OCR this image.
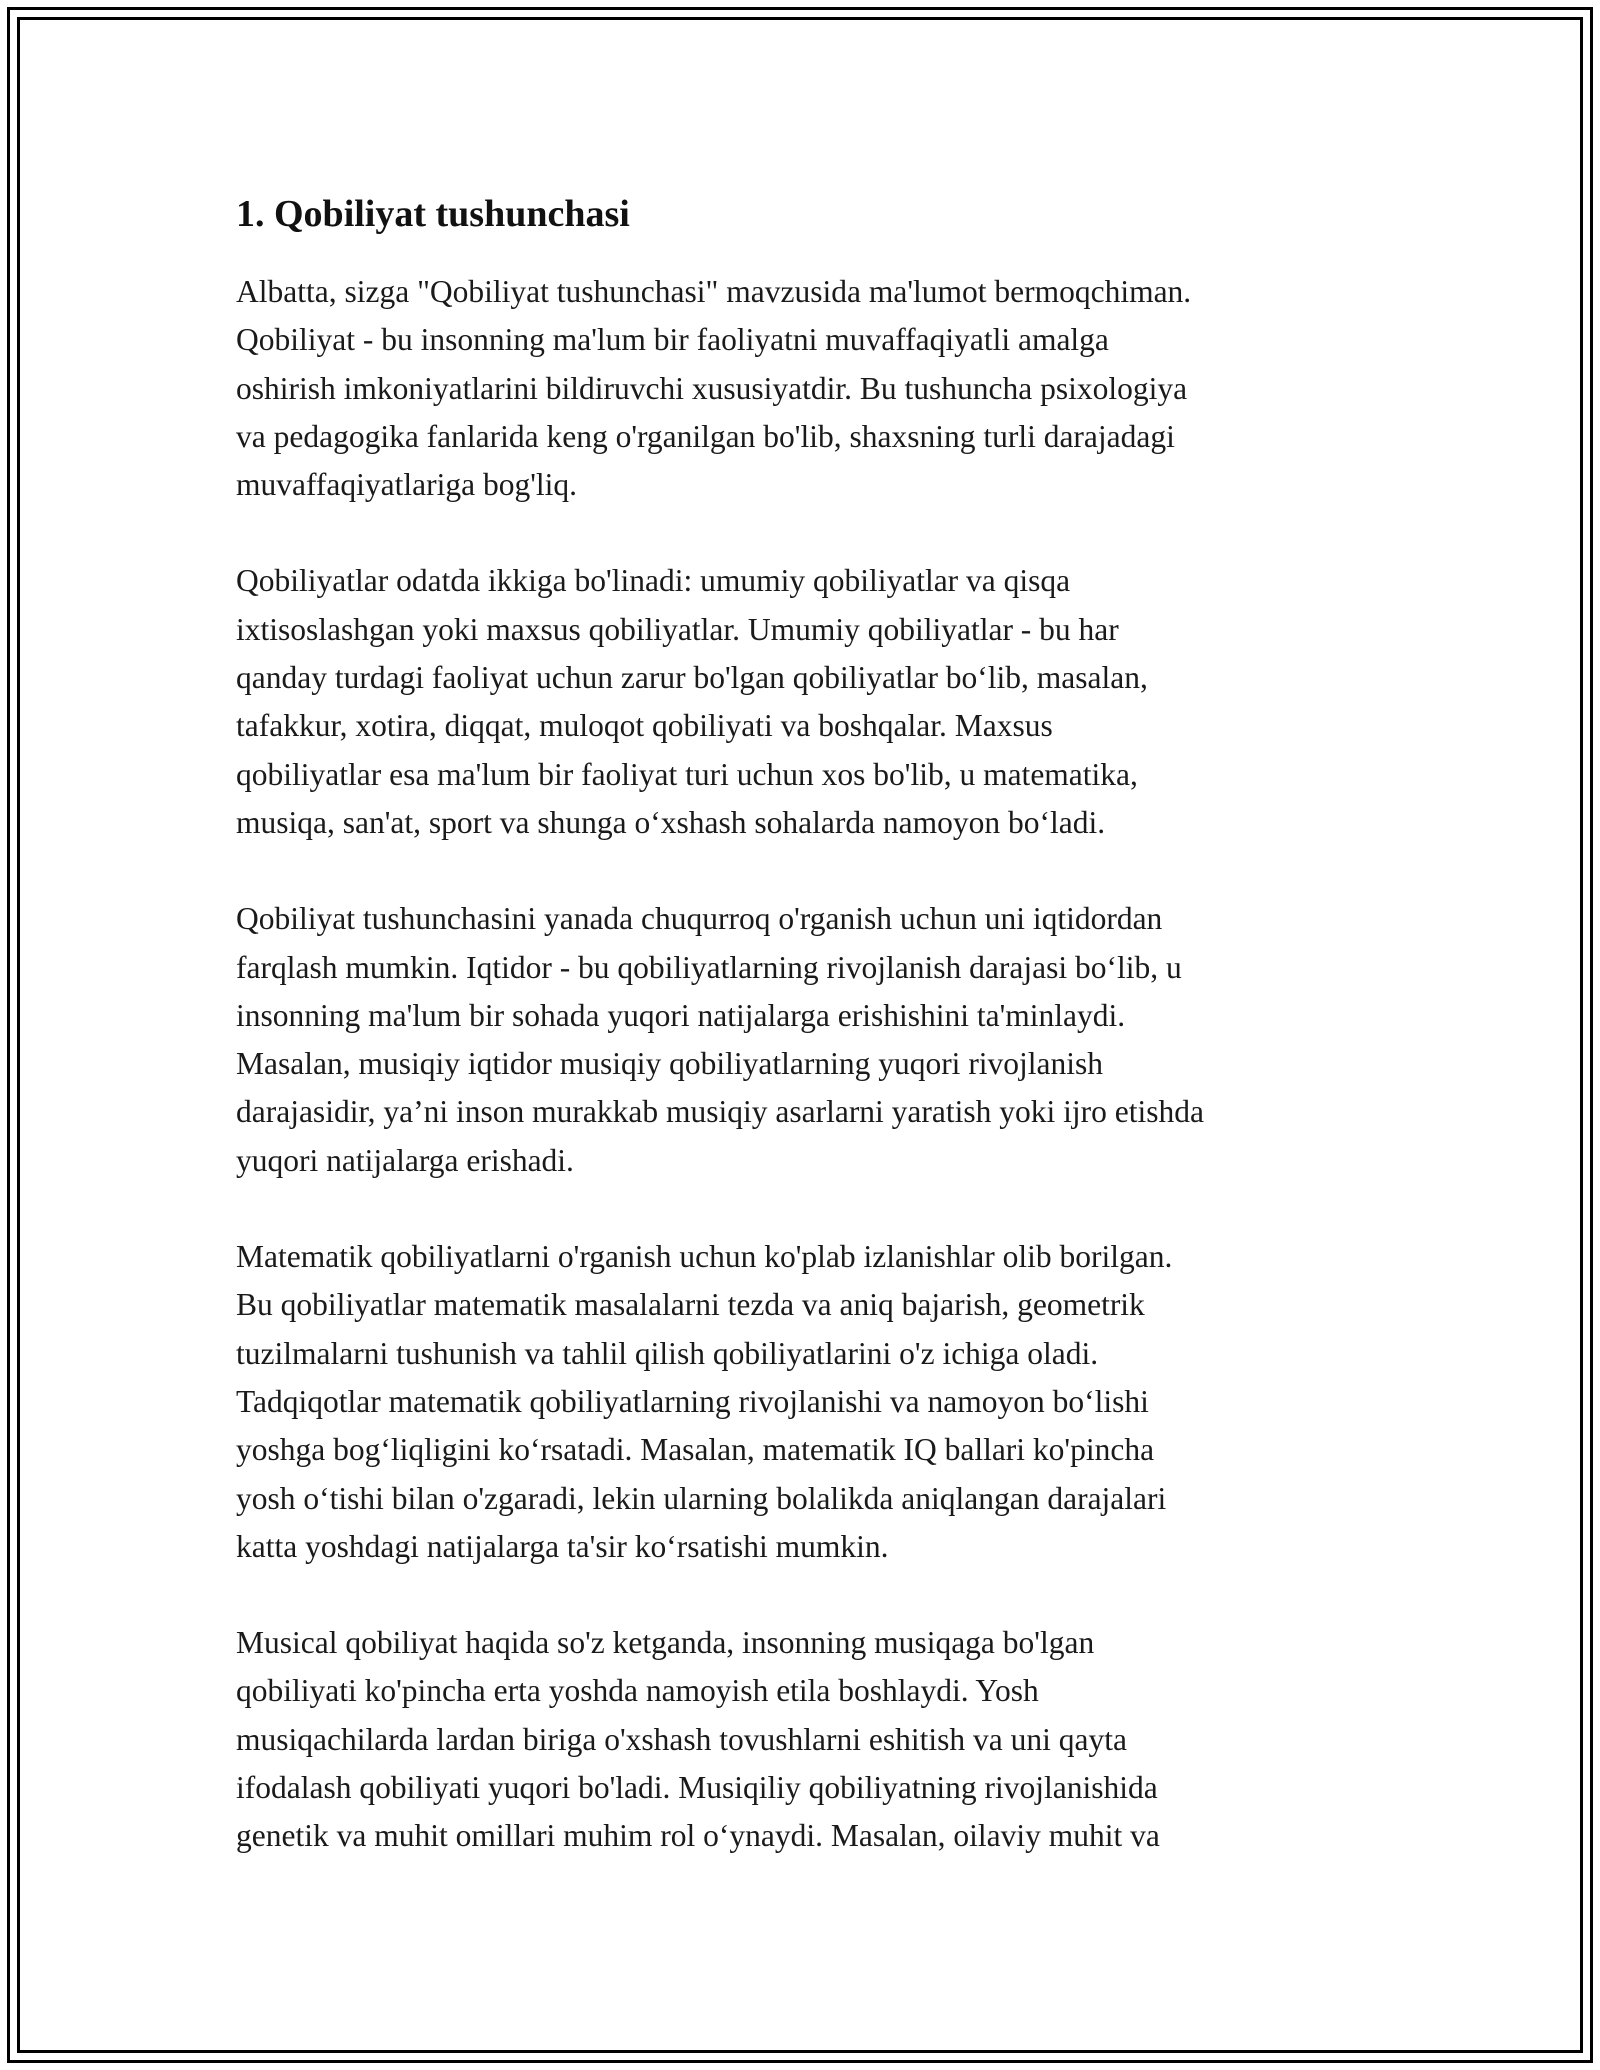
1. Qobiliyat tushunchasi

Albatta, sizga "Qobiliyat tushunchasi" mavzusida ma'lumot bermoqchiman.
Qobiliyat - bu insonning ma'lum bir faoliyatni muvaffaqiyatli amalga
oshirish imkoniyatlarini bildiruvchi xususiyatdir. Bu tushuncha psixologiya
va pedagogika fanlarida keng o'rganilgan bo'lib, shaxsning turli darajadagi
muvaffaqiyatlariga bog'liq.

Qobiliyatlar odatda ikkiga bo'linadi: umumiy qobiliyatlar va qisqa
ixtisoslashgan yoki maxsus qobiliyatlar. Umumiy qobiliyatlar - bu har
qanday turdagi faoliyat uchun zarur bo'lgan qobiliyatlar bo‘lib, masalan,
tafakkur, xotira, diqqat, muloqot qobiliyati va boshqalar. Maxsus
qobiliyatlar esa ma'lum bir faoliyat turi uchun xos bo'lib, u matematika,
musiqa, san'at, sport va shunga o‘xshash sohalarda namoyon bo‘ladi.

Qobiliyat tushunchasini yanada chuqurroq o'rganish uchun uni iqtidordan
farqlash mumkin. Iqtidor - bu qobiliyatlarning rivojlanish darajasi bo‘lib, u
insonning ma'lum bir sohada yuqori natijalarga erishishini ta'minlaydi.
Masalan, musiqiy iqtidor musiqiy qobiliyatlarning yuqori rivojlanish
darajasidir, ya’ni inson murakkab musiqiy asarlarni yaratish yoki ijro etishda
yuqori natijalarga erishadi.

Matematik qobiliyatlarni o'rganish uchun ko'plab izlanishlar olib borilgan.
Bu qobiliyatlar matematik masalalarni tezda va aniq bajarish, geometrik
tuzilmalarni tushunish va tahlil qilish qobiliyatlarini o'z ichiga oladi.
Tadqiqotlar matematik qobiliyatlarning rivojlanishi va namoyon bo‘lishi
yoshga bog‘liqligini ko‘rsatadi. Masalan, matematik IQ ballari ko'pincha
yosh o‘tishi bilan o'zgaradi, lekin ularning bolalikda aniqlangan darajalari
katta yoshdagi natijalarga ta'sir ko‘rsatishi mumkin.

Musical qobiliyat haqida so'z ketganda, insonning musiqaga bo'lgan
qobiliyati ko'pincha erta yoshda namoyish etila boshlaydi. Yosh
musiqachilarda lardan biriga o'xshash tovushlarni eshitish va uni qayta
ifodalash qobiliyati yuqori bo'ladi. Musiqiliy qobiliyatning rivojlanishida
genetik va muhit omillari muhim rol o‘ynaydi. Masalan, oilaviy muhit va
